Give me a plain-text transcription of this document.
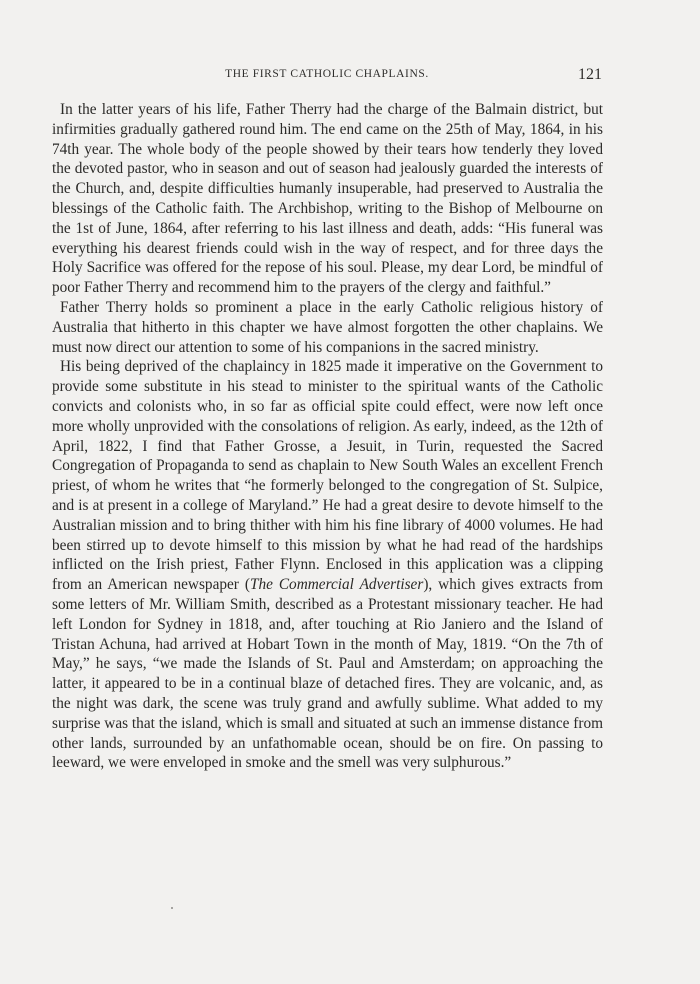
THE FIRST CATHOLIC CHAPLAINS.	121

In the latter years of his life, Father Therry had the charge of the Balmain district, but infirmities gradually gathered round him. The end came on the 25th of May, 1864, in his 74th year. The whole body of the people showed by their tears how tenderly they loved the devoted pastor, who in season and out of season had jealously guarded the interests of the Church, and, despite difficulties humanly insuperable, had preserved to Australia the blessings of the Catholic faith. The Archbishop, writing to the Bishop of Melbourne on the 1st of June, 1864, after referring to his last illness and death, adds: “His funeral was everything his dearest friends could wish in the way of respect, and for three days the Holy Sacrifice was offered for the repose of his soul. Please, my dear Lord, be mindful of poor Father Therry and recommend him to the prayers of the clergy and faithful.”

Father Therry holds so prominent a place in the early Catholic religious history of Australia that hitherto in this chapter we have almost forgotten the other chaplains. We must now direct our attention to some of his companions in the sacred ministry.

His being deprived of the chaplaincy in 1825 made it imperative on the Government to provide some substitute in his stead to minister to the spiritual wants of the Catholic convicts and colonists who, in so far as official spite could effect, were now left once more wholly unprovided with the consolations of religion. As early, indeed, as the 12th of April, 1822, I find that Father Grosse, a Jesuit, in Turin, requested the Sacred Congregation of Propaganda to send as chaplain to New South Wales an excellent French priest, of whom he writes that “he formerly belonged to the congregation of St. Sulpice, and is at present in a college of Maryland.” He had a great desire to devote himself to the Australian mission and to bring thither with him his fine library of 4000 volumes. He had been stirred up to devote himself to this mission by what he had read of the hardships inflicted on the Irish priest, Father Flynn. Enclosed in this application was a clipping from an American newspaper (The Commercial Advertiser), which gives extracts from some letters of Mr. William Smith, described as a Protestant missionary teacher. He had left London for Sydney in 1818, and, after touching at Rio Janiero and the Island of Tristan Achuna, had arrived at Hobart Town in the month of May, 1819. “On the 7th of May,” he says, “we made the Islands of St. Paul and Amsterdam; on approaching the latter, it appeared to be in a continual blaze of detached fires. They are volcanic, and, as the night was dark, the scene was truly grand and awfully sublime. What added to my surprise was that the island, which is small and situated at such an immense distance from other lands, surrounded by an unfathomable ocean, should be on fire. On passing to leeward, we were enveloped in smoke and the smell was very sulphurous.”
